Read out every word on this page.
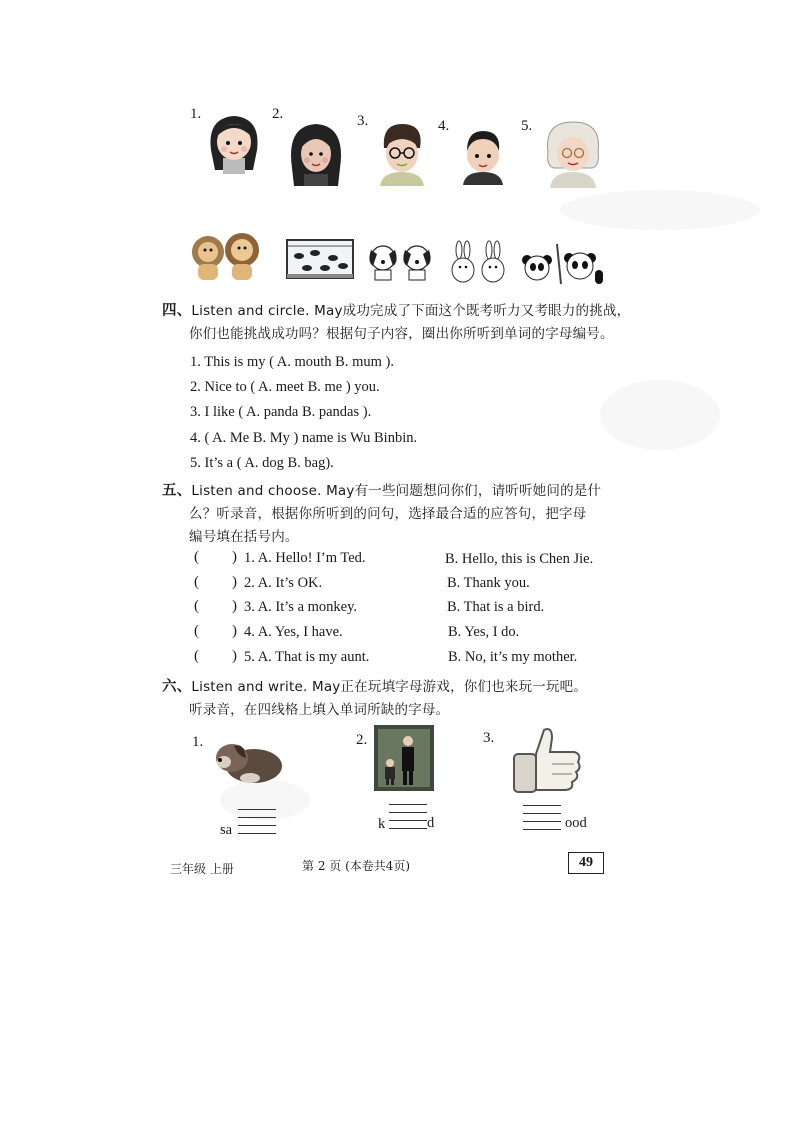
1.	2.	3.	4.	5.
四、Listen and circle. May成功完成了下面这个既考听力又考眼力的挑战，
你们也能挑战成功吗？根据句子内容，圈出你所听到单词的字母编号。
1. This is my ( A. mouth B. mum ).
2. Nice to ( A. meet B. me ) you.
3. I like ( A. panda B. pandas ).
4. ( A. Me B. My ) name is Wu Binbin.
5. It’s a ( A. dog B. bag).
五、Listen and choose. May有一些问题想问你们，请听听她问的是什
么？听录音，根据你所听到的问句，选择最合适的应答句，把字母
编号填在括号内。
( ) 1. A. Hello! I’m Ted.	B. Hello, this is Chen Jie.
( ) 2. A. It’s OK.	B. Thank you.
( ) 3. A. It’s a monkey.	B. That is a bird.
( ) 4. A. Yes, I have.	B. Yes, I do.
( ) 5. A. That is my aunt.	B. No, it’s my mother.
六、Listen and write. May正在玩填字母游戏，你们也来玩一玩吧。
听录音，在四线格上填入单词所缺的字母。
1.
sa
2.
k	d
3.
ood
三年级 上册	第 2 页 (本卷共4页)	49
